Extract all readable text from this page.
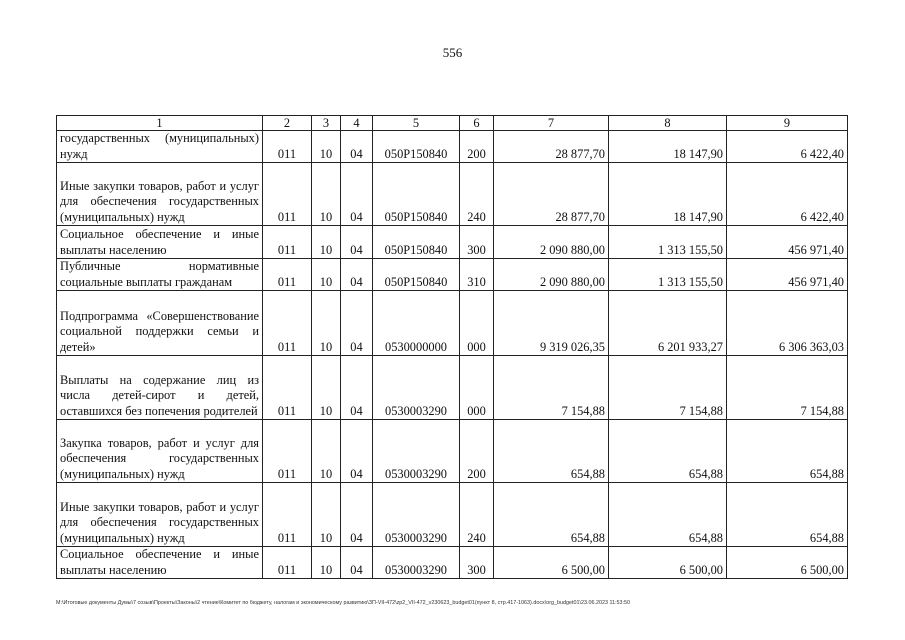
556
1	2	3	4	5	6	7	8	9

государственных (муниципальных) нужд	011	10	04	050P150840	200	28 877,70	18 147,90	6 422,40

Иные закупки товаров, работ и услуг для обеспечения государственных (муниципальных) нужд	011	10	04	050P150840	240	28 877,70	18 147,90	6 422,40

Социальное обеспечение и иные выплаты населению	011	10	04	050P150840	300	2 090 880,00	1 313 155,50	456 971,40

Публичные нормативные социальные выплаты гражданам	011	10	04	050P150840	310	2 090 880,00	1 313 155,50	456 971,40

Подпрограмма «Совершенствование социальной поддержки семьи и детей»	011	10	04	0530000000	000	9 319 026,35	6 201 933,27	6 306 363,03

Выплаты на содержание лиц из числа детей-сирот и детей, оставшихся без попечения родителей	011	10	04	0530003290	000	7 154,88	7 154,88	7 154,88

Закупка товаров, работ и услуг для обеспечения государственных (муниципальных) нужд	011	10	04	0530003290	200	654,88	654,88	654,88

Иные закупки товаров, работ и услуг для обеспечения государственных (муниципальных) нужд	011	10	04	0530003290	240	654,88	654,88	654,88

Социальное обеспечение и иные выплаты населению	011	10	04	0530003290	300	6 500,00	6 500,00	6 500,00
M:\Итоговые документы Думы\7 созыв\Проекты\Законы\2 чтение\Комитет по бюджету, налогам и экономическому развитию\ЗП-VII-472\zp2_VII-472_v230623_budget01(пункт 8, стр.417-1063).docx\org_budget01\23.06.2023 11:53:50
